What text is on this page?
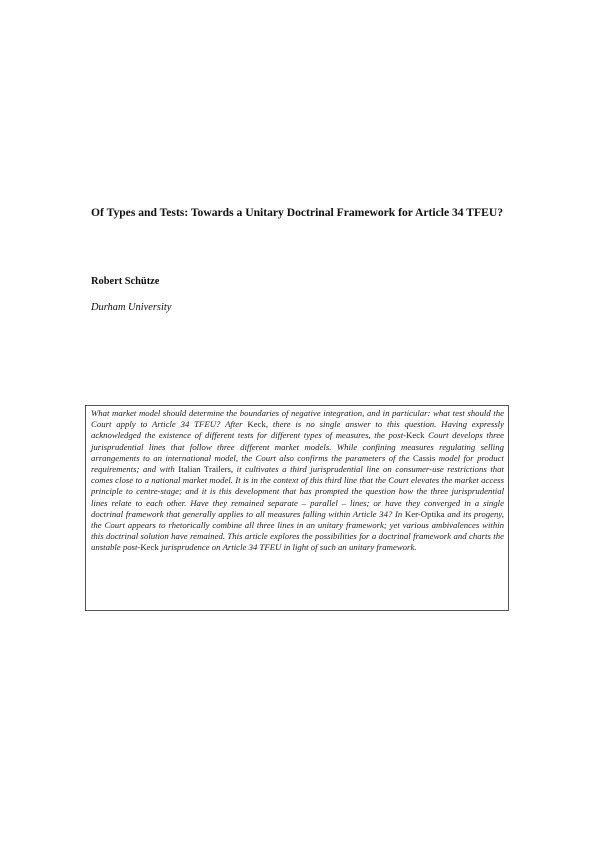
Of Types and Tests: Towards a Unitary Doctrinal Framework for Article 34 TFEU?

Robert Schütze

Durham University

What market model should determine the boundaries of negative integration, and in particular: what test should the Court apply to Article 34 TFEU? After Keck, there is no single answer to this question. Having expressly acknowledged the existence of different tests for different types of measures, the post-Keck Court develops three jurisprudential lines that follow three different market models. While confining measures regulating selling arrangements to an international model, the Court also confirms the parameters of the Cassis model for product requirements; and with Italian Trailers, it cultivates a third jurisprudential line on consumer-use restrictions that comes close to a national market model. It is in the context of this third line that the Court elevates the market access principle to centre-stage; and it is this development that has prompted the question how the three jurisprudential lines relate to each other. Have they remained separate – parallel – lines; or have they converged in a single doctrinal framework that generally applies to all measures falling within Article 34? In Ker-Optika and its progeny, the Court appears to rhetorically combine all three lines in an unitary framework; yet various ambivalences within this doctrinal solution have remained. This article explores the possibilities for a doctrinal framework and charts the unstable post-Keck jurisprudence on Article 34 TFEU in light of such an unitary framework.
